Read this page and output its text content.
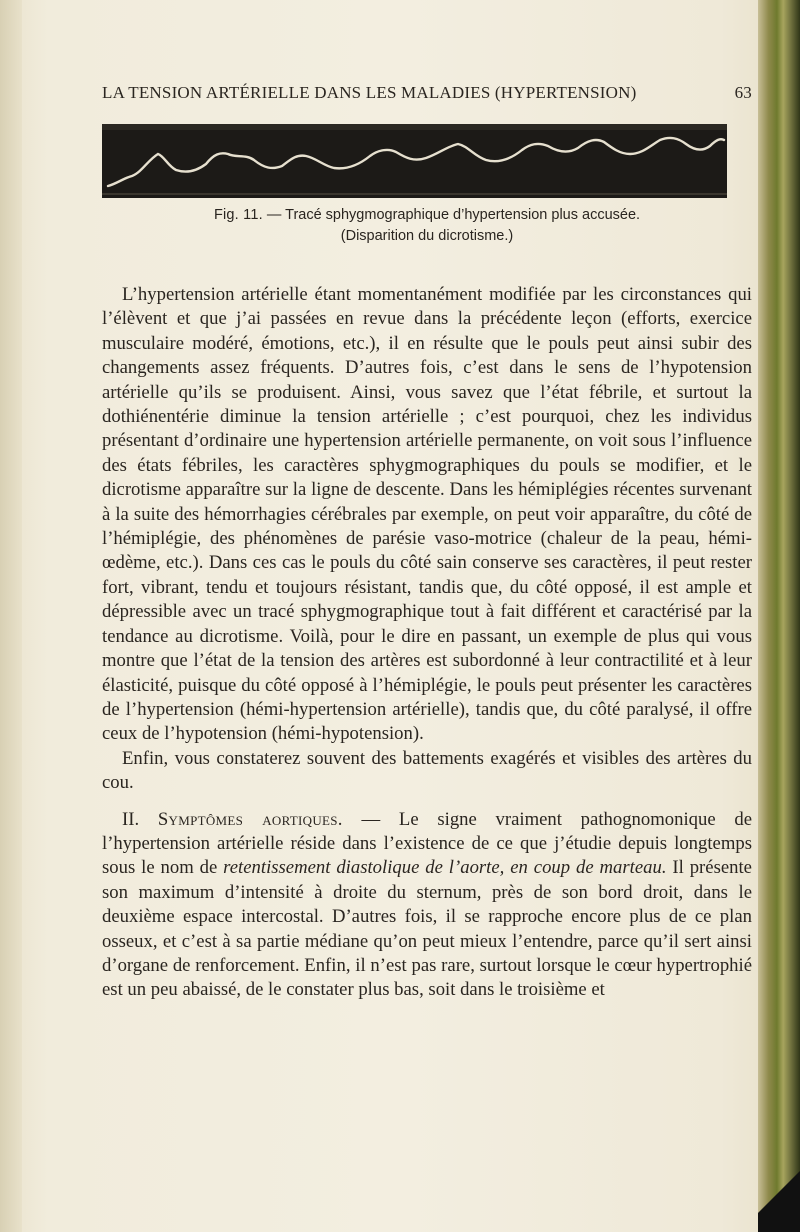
LA TENSION ARTÉRIELLE DANS LES MALADIES (HYPERTENSION)	63
Fig. 11. — Tracé sphygmographique d’hypertension plus accusée.
(Disparition du dicrotisme.)

L’hypertension artérielle étant momentanément modifiée par les circonstances qui l’élèvent et que j’ai passées en revue dans la précédente leçon (efforts, exercice musculaire modéré, émotions, etc.), il en résulte que le pouls peut ainsi subir des changements assez fréquents. D’autres fois, c’est dans le sens de l’hypotension artérielle qu’ils se produisent. Ainsi, vous savez que l’état fébrile, et surtout la dothiénentérie diminue la tension artérielle ; c’est pourquoi, chez les individus présentant d’ordinaire une hypertension artérielle permanente, on voit sous l’influence des états fébriles, les caractères sphygmographiques du pouls se modifier, et le dicrotisme apparaître sur la ligne de descente. Dans les hémiplégies récentes survenant à la suite des hémorrhagies cérébrales par exemple, on peut voir apparaître, du côté de l’hémiplégie, des phénomènes de parésie vaso-motrice (chaleur de la peau, hémi-œdème, etc.). Dans ces cas le pouls du côté sain conserve ses caractères, il peut rester fort, vibrant, tendu et toujours résistant, tandis que, du côté opposé, il est ample et dépressible avec un tracé sphygmographique tout à fait différent et caractérisé par la tendance au dicrotisme. Voilà, pour le dire en passant, un exemple de plus qui vous montre que l’état de la tension des artères est subordonné à leur contractilité et à leur élasticité, puisque du côté opposé à l’hémiplégie, le pouls peut présenter les caractères de l’hypertension (hémi-hypertension artérielle), tandis que, du côté paralysé, il offre ceux de l’hypotension (hémi-hypotension).

Enfin, vous constaterez souvent des battements exagérés et visibles des artères du cou.

II. Symptômes aortiques. — Le signe vraiment pathognomonique de l’hypertension artérielle réside dans l’existence de ce que j’étudie depuis longtemps sous le nom de retentissement diastolique de l’aorte, en coup de marteau. Il présente son maximum d’intensité à droite du sternum, près de son bord droit, dans le deuxième espace intercostal. D’autres fois, il se rapproche encore plus de ce plan osseux, et c’est à sa partie médiane qu’on peut mieux l’entendre, parce qu’il sert ainsi d’organe de renforcement. Enfin, il n’est pas rare, surtout lorsque le cœur hypertrophié est un peu abaissé, de le constater plus bas, soit dans le troisième et
